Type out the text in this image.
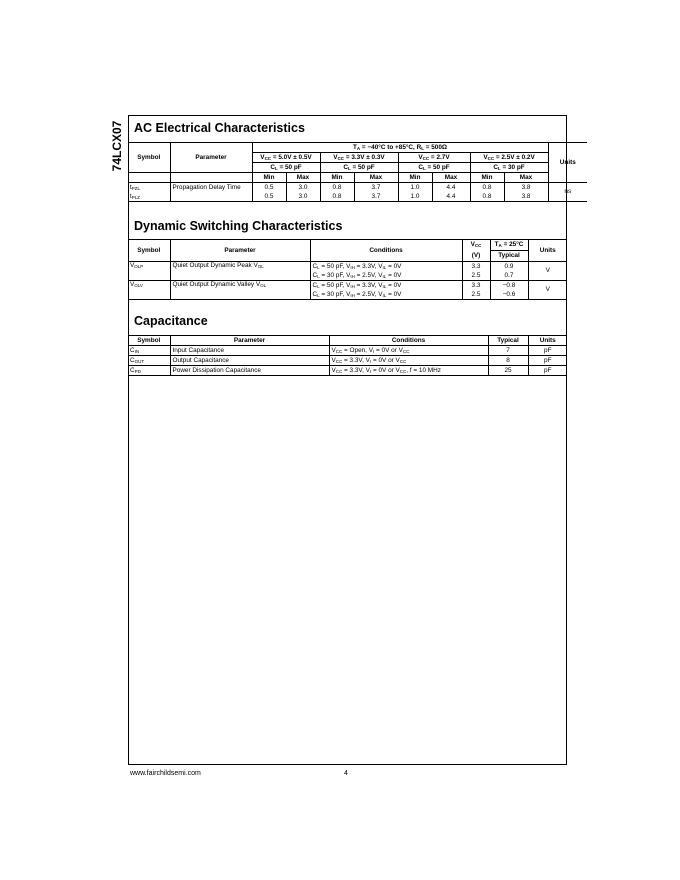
74LCX07 AC Electrical Characteristics
Symbol	Parameter	$T_A = -40^\circ C$ to +85°C, $R_L = 500\Omega$								Units
		$V_{CC} = 5.0V \pm 0.5V$		$V_{CC} = 3.3V \pm 0.3V$		$V_{CC} = 2.7V$		$V_{CC} = 2.5V \pm 0.2V$		
		$C_L = 50$ pF		$C_L = 50$ pF		$C_L = 50$ pF		$C_L = 30$ pF		
		Min	Max	Min	Max	Min	Max	Min	Max	
$t_{PZL}$	Propagation Delay Time	0.5	3.0	0.8	3.7	1.0	4.4	0.8	3.8	ns
$t_{PLZ}$		0.5	3.0	0.8	3.7	1.0	4.4	0.8	3.8	
Dynamic Switching Characteristics
Symbol	Parameter	Conditions	$V_{CC}$	$T_A = 25^\circ C$	Units
			(V)	Typical	
$V_{OLP}$	Quiet Output Dynamic Peak $V_{OL}$	$C_L = 50$ pF, $V_{IH} = 3.3V$, $V_{IL} = 0V$	3.3	0.9	V
		$C_L = 30$ pF, $V_{IH} = 2.5V$, $V_{IL} = 0V$	2.5	0.7	
$V_{OLV}$	Quiet Output Dynamic Valley $V_{OL}$	$C_L = 50$ pF, $V_{IH} = 3.3V$, $V_{IL} = 0V$	3.3	−0.8	V
		$C_L = 30$ pF, $V_{IH} = 2.5V$, $V_{IL} = 0V$	2.5	−0.6	
Capacitance
Symbol	Parameter	Conditions	Typical	Units
$C_{IN}$	Input Capacitance	$V_{CC}$ = Open, $V_I = 0V$ or $V_{CC}$	7	pF
$C_{OUT}$	Output Capacitance	$V_{CC} = 3.3V$, $V_I = 0V$ or $V_{CC}$	8	pF
$C_{PD}$	Power Dissipation Capacitance	$V_{CC} = 3.3V$, $V_I = 0V$ or $V_{CC}$, f = 10 MHz	25	pF
www.fairchildsemi.com	4
